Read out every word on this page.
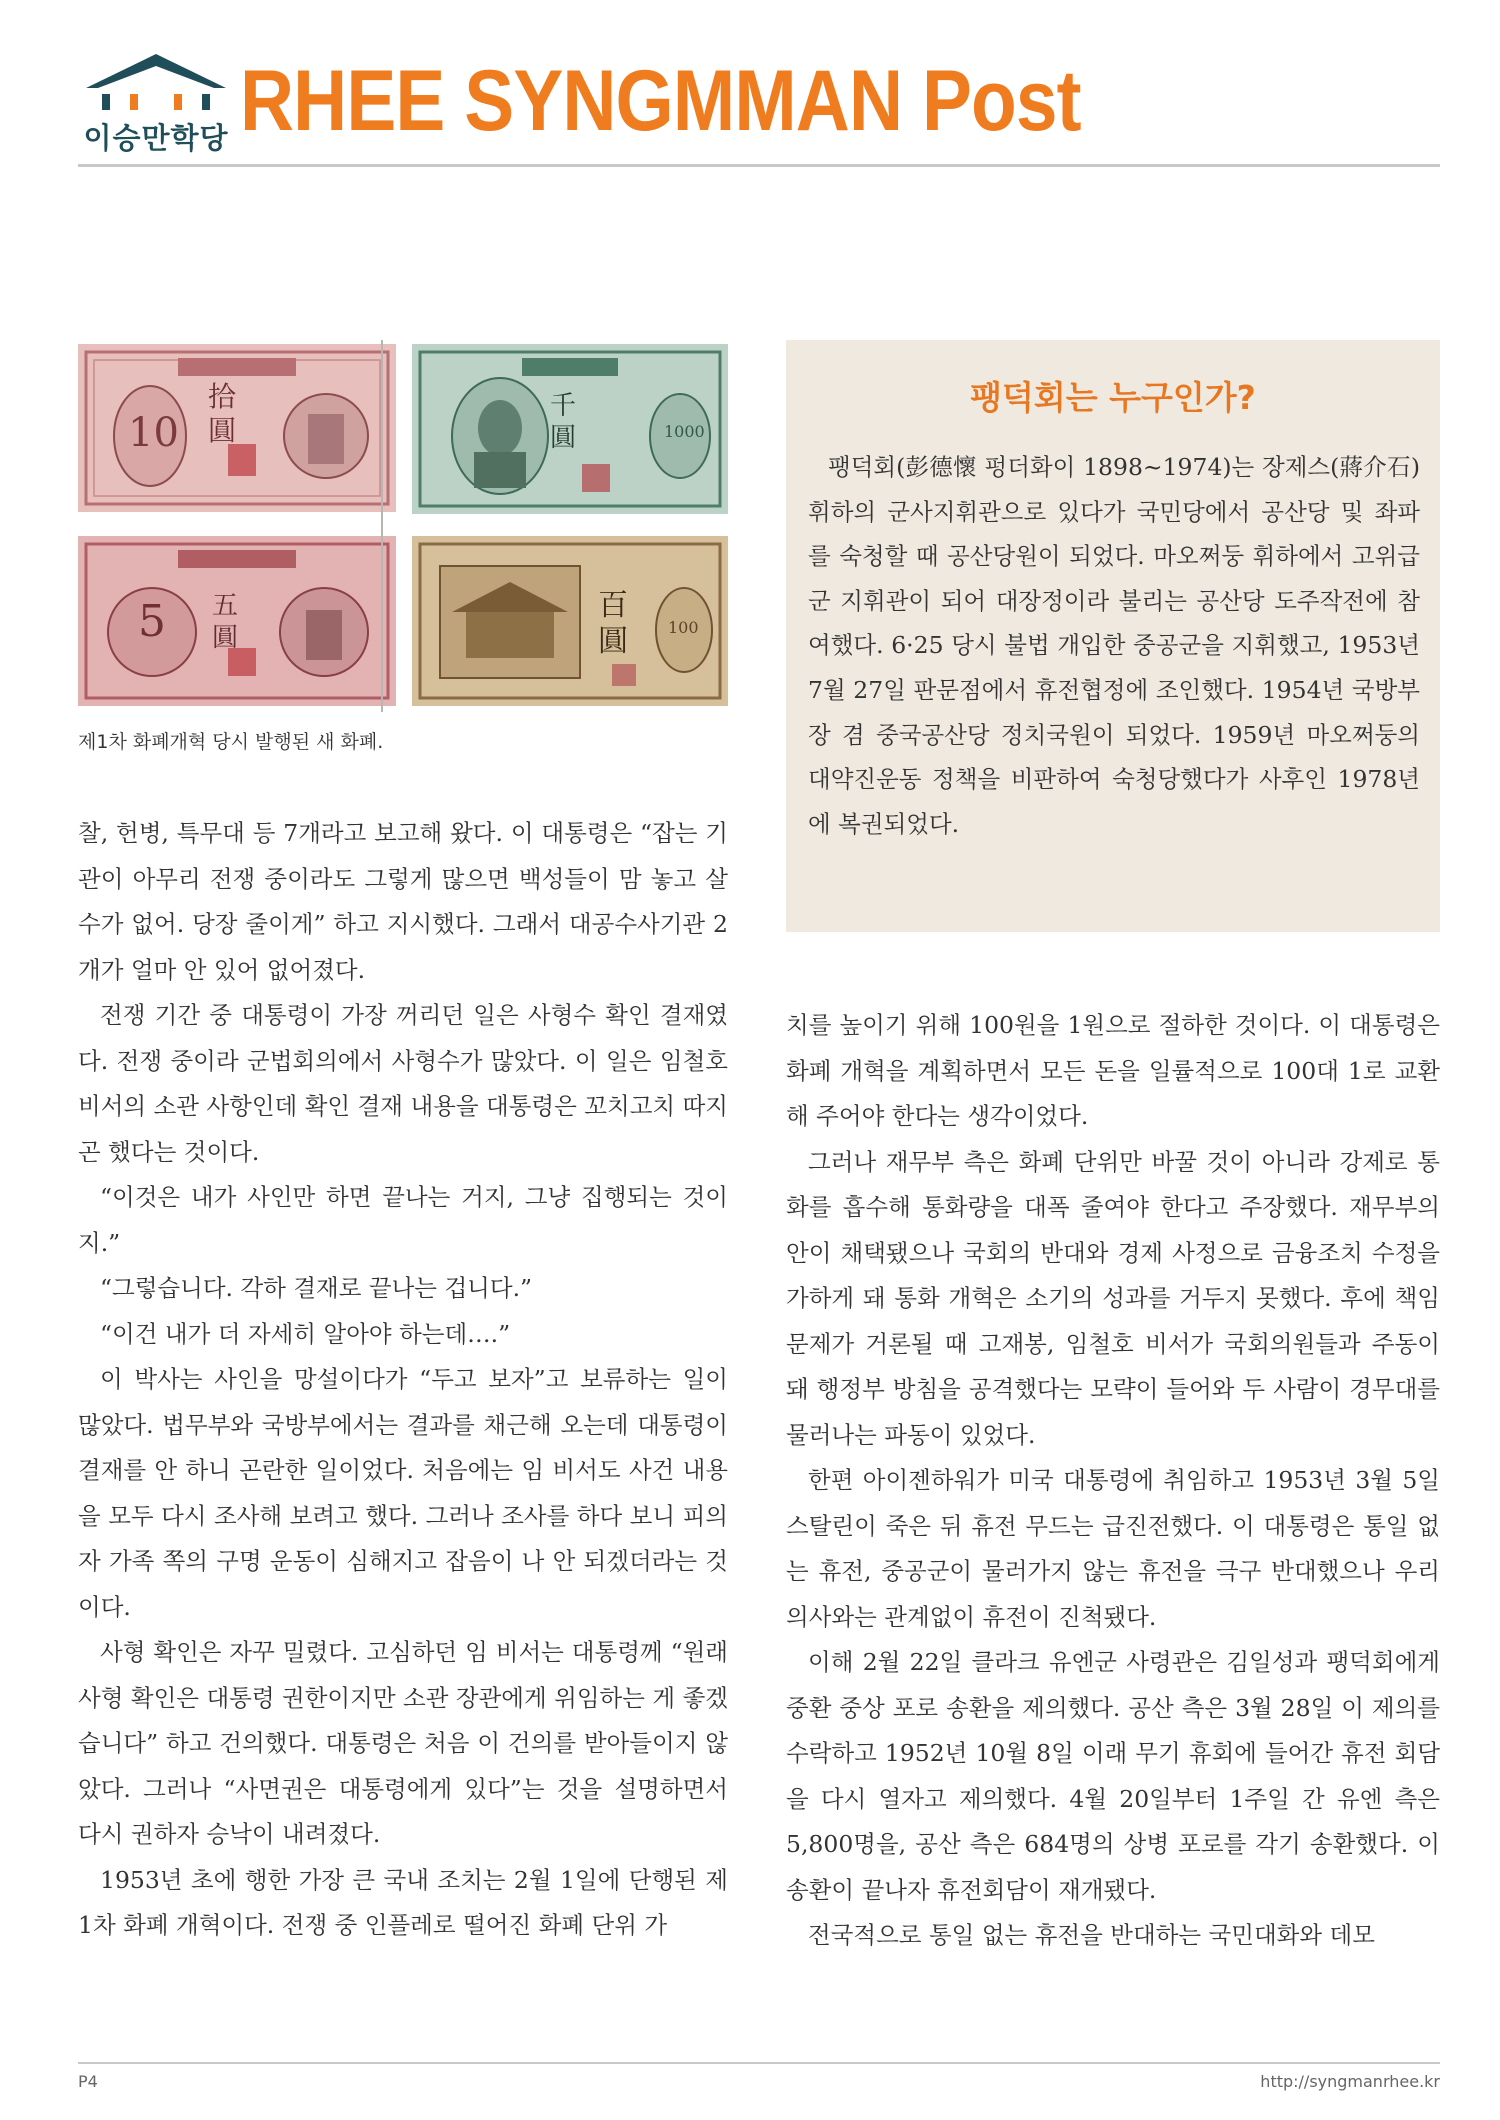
이승만학당 RHEE SYNGMMAN Post
10
拾圓	1000
千圓
5 五圓	100
百圓
제1차 화폐개혁 당시 발행된 새 화폐.
팽덕회는 누구인가?
팽덕회(彭德懷 펑더화이 1898~1974)는 장제스(蔣介石) 휘하의 군사지휘관으로 있다가 국민당에서 공산당 및 좌파를 숙청할 때 공산당원이 되었다. 마오쩌둥 휘하에서 고위급 군 지휘관이 되어 대장정이라 불리는 공산당 도주작전에 참여했다. 6·25 당시 불법 개입한 중공군을 지휘했고, 1953년 7월 27일 판문점에서 휴전협정에 조인했다. 1954년 국방부장 겸 중국공산당 정치국원이 되었다. 1959년 마오쩌둥의 대약진운동 정책을 비판하여 숙청당했다가 사후인 1978년에 복권되었다.

찰, 헌병, 특무대 등 7개라고 보고해 왔다. 이 대통령은 “잡는 기관이 아무리 전쟁 중이라도 그렇게 많으면 백성들이 맘 놓고 살 수가 없어. 당장 줄이게” 하고 지시했다. 그래서 대공수사기관 2개가 얼마 안 있어 없어졌다.

전쟁 기간 중 대통령이 가장 꺼리던 일은 사형수 확인 결재였다. 전쟁 중이라 군법회의에서 사형수가 많았다. 이 일은 임철호 비서의 소관 사항인데 확인 결재 내용을 대통령은 꼬치고치 따지곤 했다는 것이다.

“이것은 내가 사인만 하면 끝나는 거지, 그냥 집행되는 것이지.”

“그렇습니다. 각하 결재로 끝나는 겁니다.”

“이건 내가 더 자세히 알아야 하는데….”

이 박사는 사인을 망설이다가 “두고 보자”고 보류하는 일이 많았다. 법무부와 국방부에서는 결과를 채근해 오는데 대통령이 결재를 안 하니 곤란한 일이었다. 처음에는 임 비서도 사건 내용을 모두 다시 조사해 보려고 했다. 그러나 조사를 하다 보니 피의자 가족 쪽의 구명 운동이 심해지고 잡음이 나 안 되겠더라는 것이다.

사형 확인은 자꾸 밀렸다. 고심하던 임 비서는 대통령께 “원래 사형 확인은 대통령 권한이지만 소관 장관에게 위임하는 게 좋겠습니다” 하고 건의했다. 대통령은 처음 이 건의를 받아들이지 않았다. 그러나 “사면권은 대통령에게 있다”는 것을 설명하면서 다시 권하자 승낙이 내려졌다.

1953년 초에 행한 가장 큰 국내 조치는 2월 1일에 단행된 제1차 화폐 개혁이다. 전쟁 중 인플레로 떨어진 화폐 단위 가

치를 높이기 위해 100원을 1원으로 절하한 것이다. 이 대통령은 화폐 개혁을 계획하면서 모든 돈을 일률적으로 100대 1로 교환해 주어야 한다는 생각이었다.

그러나 재무부 측은 화폐 단위만 바꿀 것이 아니라 강제로 통화를 흡수해 통화량을 대폭 줄여야 한다고 주장했다. 재무부의 안이 채택됐으나 국회의 반대와 경제 사정으로 금융조치 수정을 가하게 돼 통화 개혁은 소기의 성과를 거두지 못했다. 후에 책임 문제가 거론될 때 고재봉, 임철호 비서가 국회의원들과 주동이 돼 행정부 방침을 공격했다는 모략이 들어와 두 사람이 경무대를 물러나는 파동이 있었다.

한편 아이젠하워가 미국 대통령에 취임하고 1953년 3월 5일 스탈린이 죽은 뒤 휴전 무드는 급진전했다. 이 대통령은 통일 없는 휴전, 중공군이 물러가지 않는 휴전을 극구 반대했으나 우리 의사와는 관계없이 휴전이 진척됐다.

이해 2월 22일 클라크 유엔군 사령관은 김일성과 팽덕회에게 중환 중상 포로 송환을 제의했다. 공산 측은 3월 28일 이 제의를 수락하고 1952년 10월 8일 이래 무기 휴회에 들어간 휴전 회담을 다시 열자고 제의했다. 4월 20일부터 1주일 간 유엔 측은 5,800명을, 공산 측은 684명의 상병 포로를 각기 송환했다. 이 송환이 끝나자 휴전회담이 재개됐다.

전국적으로 통일 없는 휴전을 반대하는 국민대화와 데모

P4	http://syngmanrhee.kr
